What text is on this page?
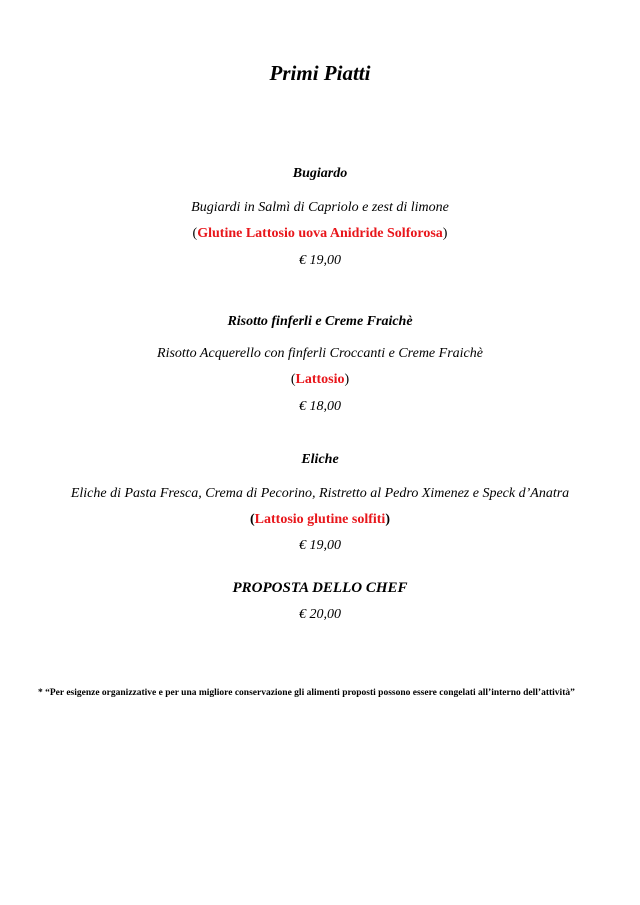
Primi Piatti
Bugiardo
Bugiardi in Salmì di Capriolo e zest di limone
(Glutine Lattosio uova Anidride Solforosa)
€ 19,00
Risotto finferli e Creme Fraichè
Risotto Acquerello con finferli Croccanti e Creme Fraichè
(Lattosio)
€ 18,00
Eliche
Eliche di Pasta Fresca, Crema di Pecorino, Ristretto al Pedro Ximenez e Speck d’Anatra
(Lattosio glutine solfiti)
€ 19,00
PROPOSTA DELLO CHEF
€ 20,00
* “Per esigenze organizzative e per una migliore conservazione gli alimenti proposti possono essere congelati all’interno dell’attività”
